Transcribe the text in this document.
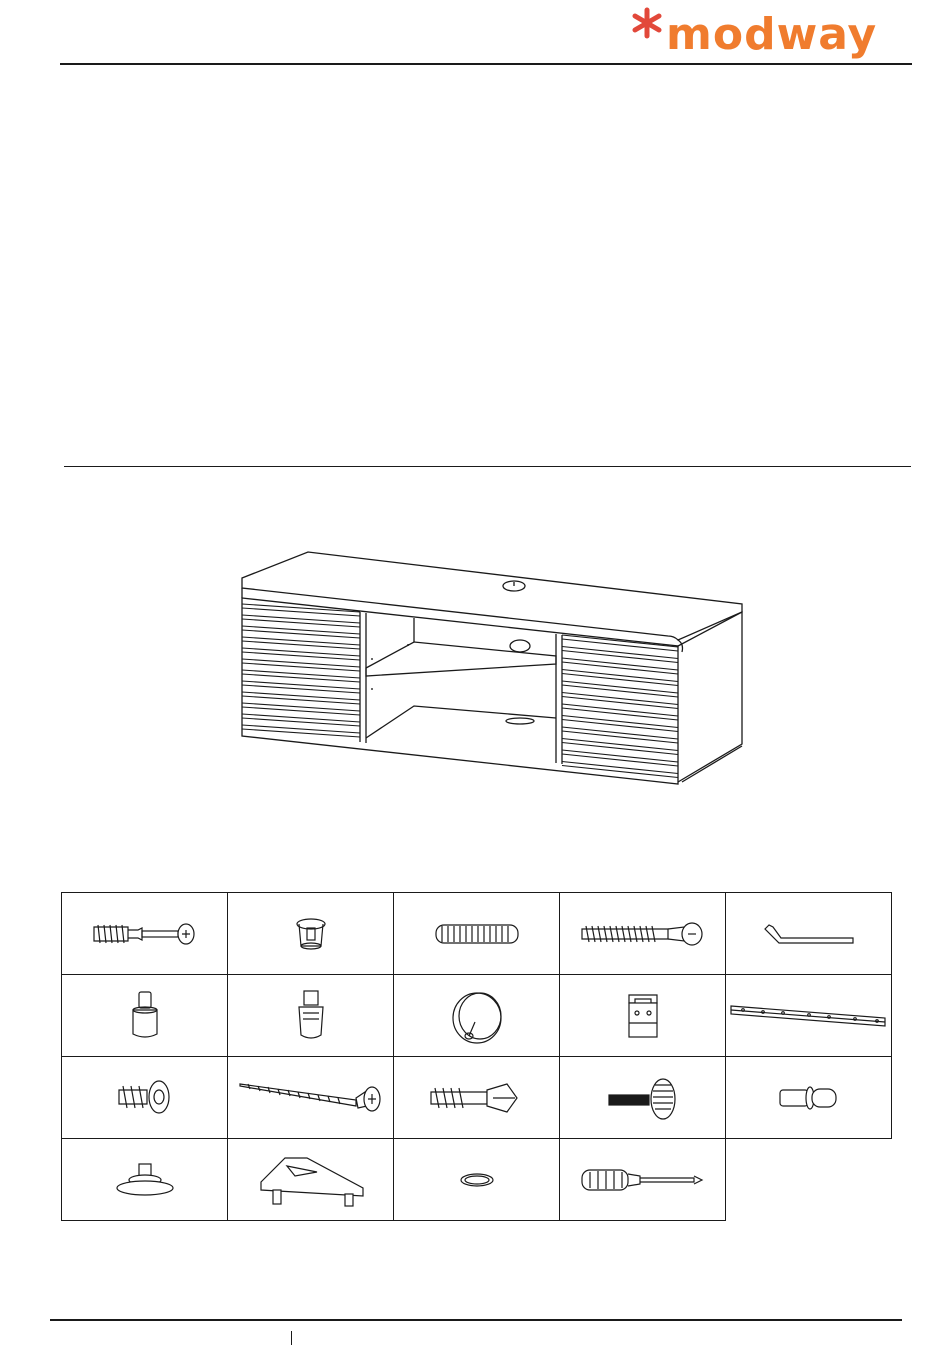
modway
